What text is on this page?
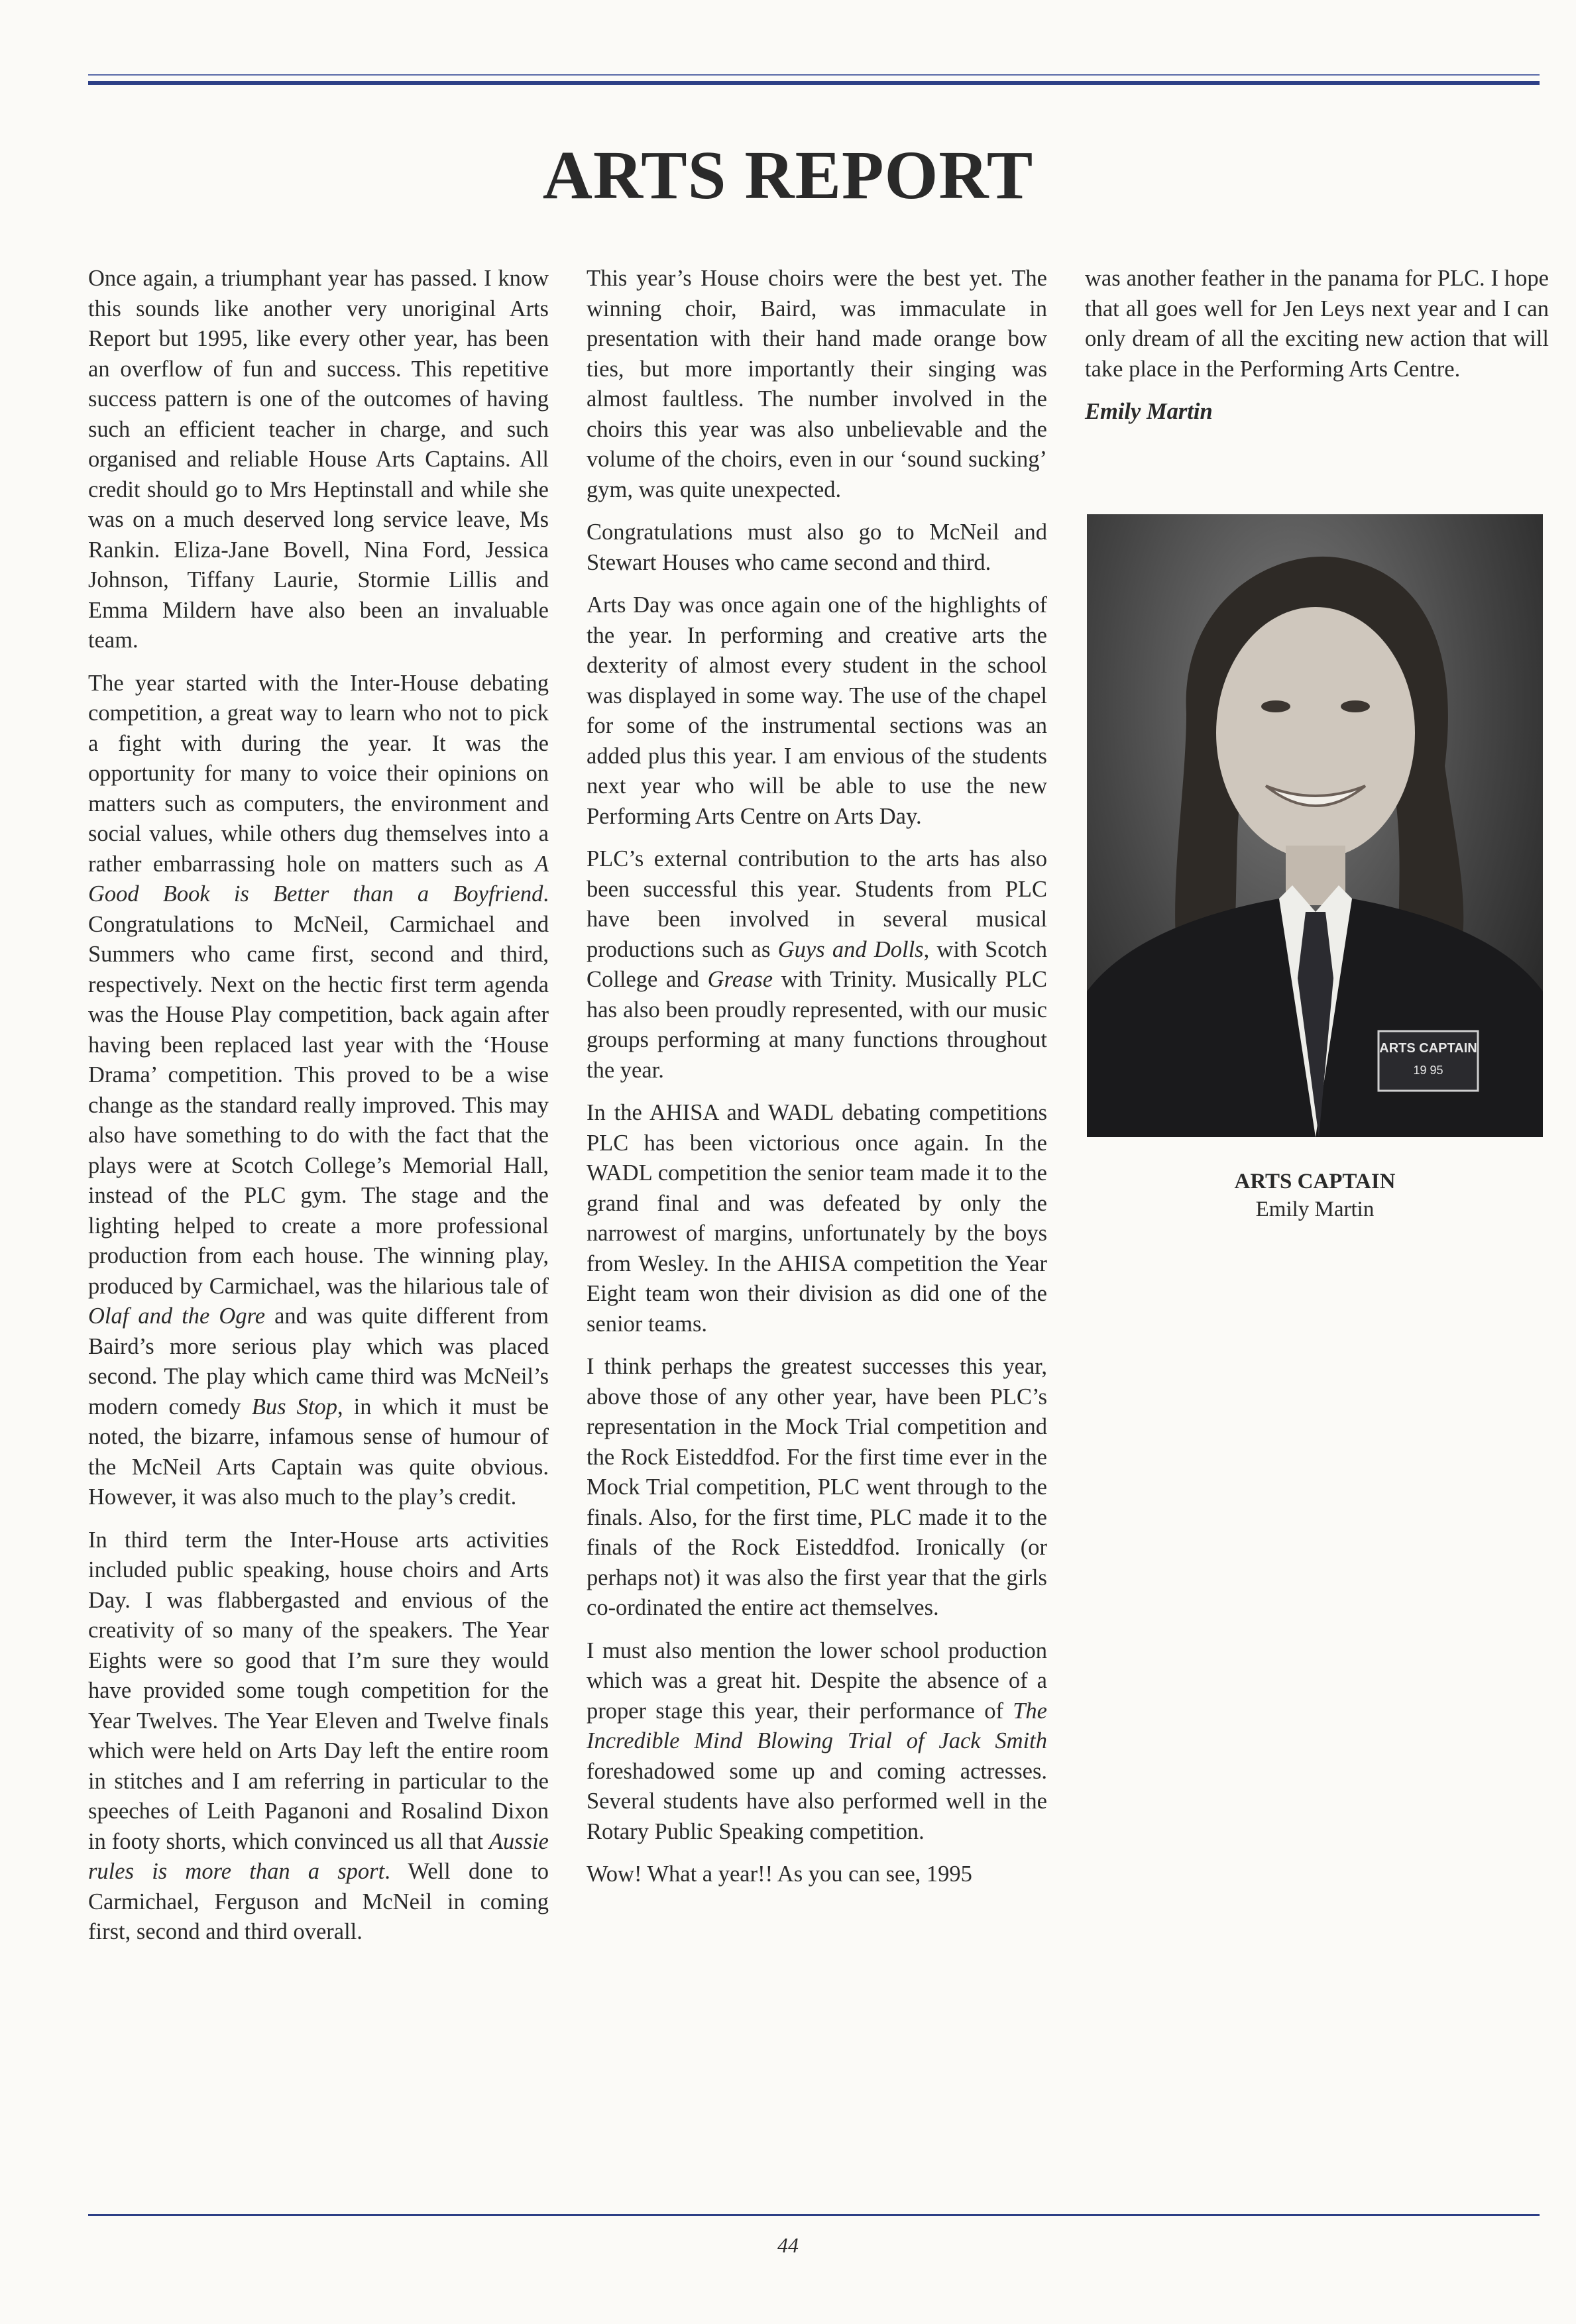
ARTS REPORT

Once again, a triumphant year has passed. I know this sounds like another very unoriginal Arts Report but 1995, like every other year, has been an overflow of fun and success. This repetitive success pattern is one of the outcomes of having such an efficient teacher in charge, and such organised and reliable House Arts Captains. All credit should go to Mrs Heptinstall and while she was on a much deserved long service leave, Ms Rankin. Eliza-Jane Bovell, Nina Ford, Jessica Johnson, Tiffany Laurie, Stormie Lillis and Emma Mildern have also been an invaluable team.

The year started with the Inter-House debating competition, a great way to learn who not to pick a fight with during the year. It was the opportunity for many to voice their opinions on matters such as computers, the environment and social values, while others dug themselves into a rather embarrassing hole on matters such as A Good Book is Better than a Boyfriend. Congratulations to McNeil, Carmichael and Summers who came first, second and third, respectively. Next on the hectic first term agenda was the House Play competition, back again after having been replaced last year with the ‘House Drama’ competition. This proved to be a wise change as the standard really improved. This may also have something to do with the fact that the plays were at Scotch College’s Memorial Hall, instead of the PLC gym. The stage and the lighting helped to create a more professional production from each house. The winning play, produced by Carmichael, was the hilarious tale of Olaf and the Ogre and was quite different from Baird’s more serious play which was placed second. The play which came third was McNeil’s modern comedy Bus Stop, in which it must be noted, the bizarre, infamous sense of humour of the McNeil Arts Captain was quite obvious. However, it was also much to the play’s credit.

In third term the Inter-House arts activities included public speaking, house choirs and Arts Day. I was flabbergasted and envious of the creativity of so many of the speakers. The Year Eights were so good that I’m sure they would have provided some tough competition for the Year Twelves. The Year Eleven and Twelve finals which were held on Arts Day left the entire room in stitches and I am referring in particular to the speeches of Leith Paganoni and Rosalind Dixon in footy shorts, which convinced us all that Aussie rules is more than a sport. Well done to Carmichael, Ferguson and McNeil in coming first, second and third overall.

This year’s House choirs were the best yet. The winning choir, Baird, was immaculate in presentation with their hand made orange bow ties, but more importantly their singing was almost faultless. The number involved in the choirs this year was also unbelievable and the volume of the choirs, even in our ‘sound sucking’ gym, was quite unexpected.

Congratulations must also go to McNeil and Stewart Houses who came second and third.

Arts Day was once again one of the highlights of the year. In performing and creative arts the dexterity of almost every student in the school was displayed in some way. The use of the chapel for some of the instrumental sections was an added plus this year. I am envious of the students next year who will be able to use the new Performing Arts Centre on Arts Day.

PLC’s external contribution to the arts has also been successful this year. Students from PLC have been involved in several musical productions such as Guys and Dolls, with Scotch College and Grease with Trinity. Musically PLC has also been proudly represented, with our music groups performing at many functions throughout the year.

In the AHISA and WADL debating competitions PLC has been victorious once again. In the WADL competition the senior team made it to the grand final and was defeated by only the narrowest of margins, unfortunately by the boys from Wesley. In the AHISA competition the Year Eight team won their division as did one of the senior teams.

I think perhaps the greatest successes this year, above those of any other year, have been PLC’s representation in the Mock Trial competition and the Rock Eisteddfod. For the first time ever in the Mock Trial competition, PLC went through to the finals. Also, for the first time, PLC made it to the finals of the Rock Eisteddfod. Ironically (or perhaps not) it was also the first year that the girls co-ordinated the entire act themselves.

I must also mention the lower school production which was a great hit. Despite the absence of a proper stage this year, their performance of The Incredible Mind Blowing Trial of Jack Smith foreshadowed some up and coming actresses. Several students have also performed well in the Rotary Public Speaking competition.

Wow! What a year!! As you can see, 1995

was another feather in the panama for PLC. I hope that all goes well for Jen Leys next year and I can only dream of all the exciting new action that will take place in the Performing Arts Centre.

Emily Martin

ARTS CAPTAIN
19 95
ARTS CAPTAIN
Emily Martin
44
